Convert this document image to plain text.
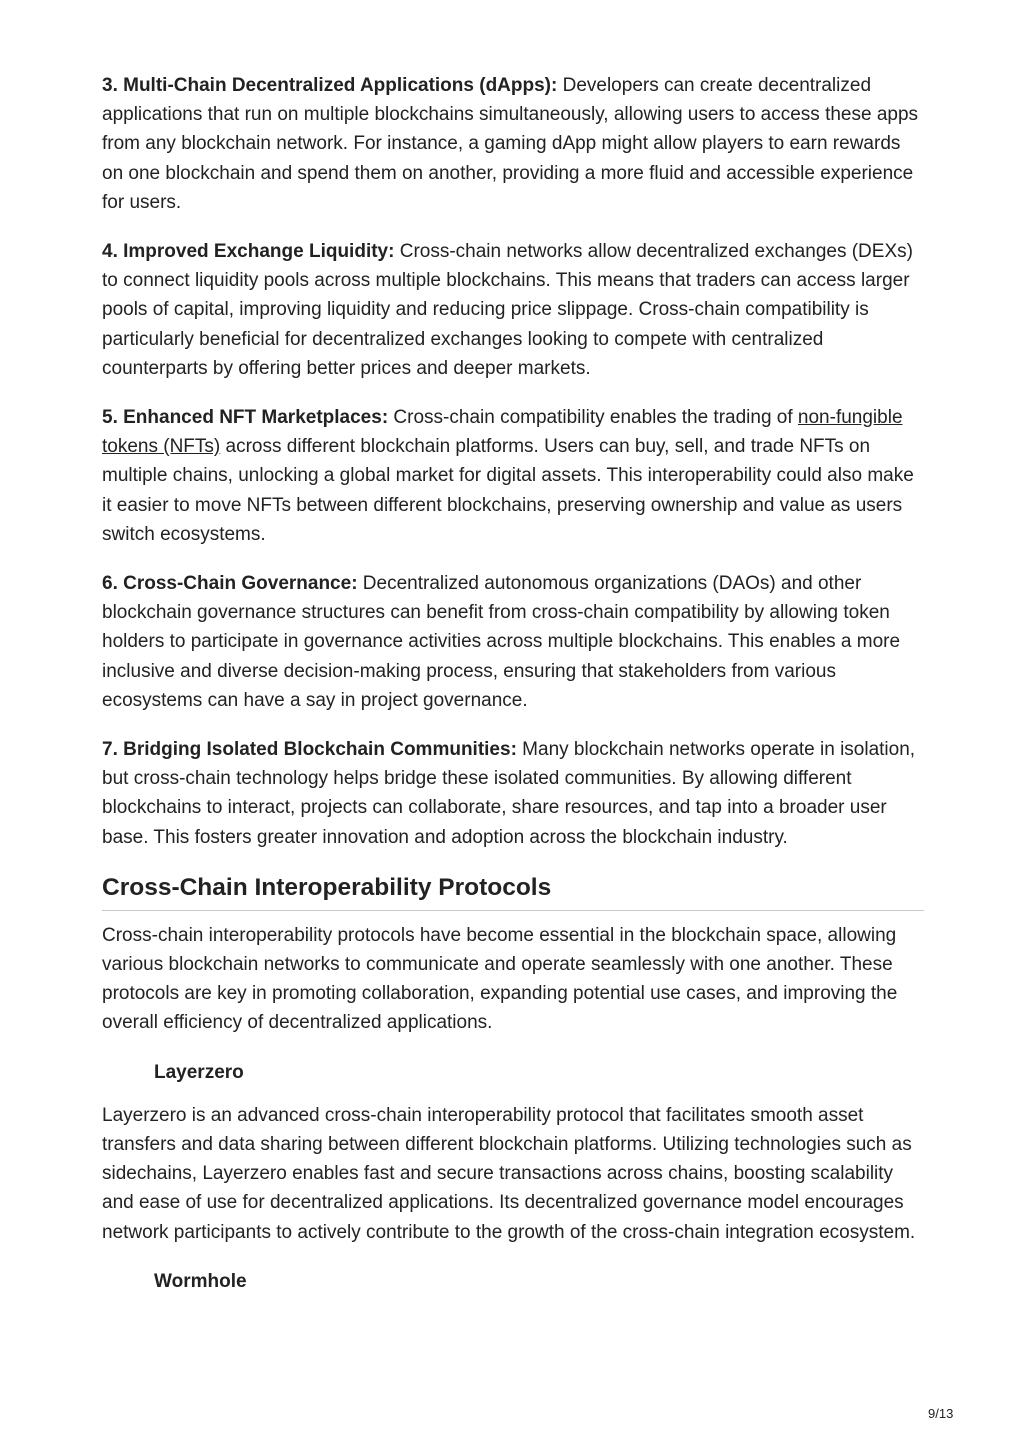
3. Multi-Chain Decentralized Applications (dApps): Developers can create decentralized applications that run on multiple blockchains simultaneously, allowing users to access these apps from any blockchain network. For instance, a gaming dApp might allow players to earn rewards on one blockchain and spend them on another, providing a more fluid and accessible experience for users.

4. Improved Exchange Liquidity: Cross-chain networks allow decentralized exchanges (DEXs) to connect liquidity pools across multiple blockchains. This means that traders can access larger pools of capital, improving liquidity and reducing price slippage. Cross-chain compatibility is particularly beneficial for decentralized exchanges looking to compete with centralized counterparts by offering better prices and deeper markets.

5. Enhanced NFT Marketplaces: Cross-chain compatibility enables the trading of non-fungible tokens (NFTs) across different blockchain platforms. Users can buy, sell, and trade NFTs on multiple chains, unlocking a global market for digital assets. This interoperability could also make it easier to move NFTs between different blockchains, preserving ownership and value as users switch ecosystems.

6. Cross-Chain Governance: Decentralized autonomous organizations (DAOs) and other blockchain governance structures can benefit from cross-chain compatibility by allowing token holders to participate in governance activities across multiple blockchains. This enables a more inclusive and diverse decision-making process, ensuring that stakeholders from various ecosystems can have a say in project governance.

7. Bridging Isolated Blockchain Communities: Many blockchain networks operate in isolation, but cross-chain technology helps bridge these isolated communities. By allowing different blockchains to interact, projects can collaborate, share resources, and tap into a broader user base. This fosters greater innovation and adoption across the blockchain industry.

Cross-Chain Interoperability Protocols

Cross-chain interoperability protocols have become essential in the blockchain space, allowing various blockchain networks to communicate and operate seamlessly with one another. These protocols are key in promoting collaboration, expanding potential use cases, and improving the overall efficiency of decentralized applications.

Layerzero

Layerzero is an advanced cross-chain interoperability protocol that facilitates smooth asset transfers and data sharing between different blockchain platforms. Utilizing technologies such as sidechains, Layerzero enables fast and secure transactions across chains, boosting scalability and ease of use for decentralized applications. Its decentralized governance model encourages network participants to actively contribute to the growth of the cross-chain integration ecosystem.

Wormhole
9/13
